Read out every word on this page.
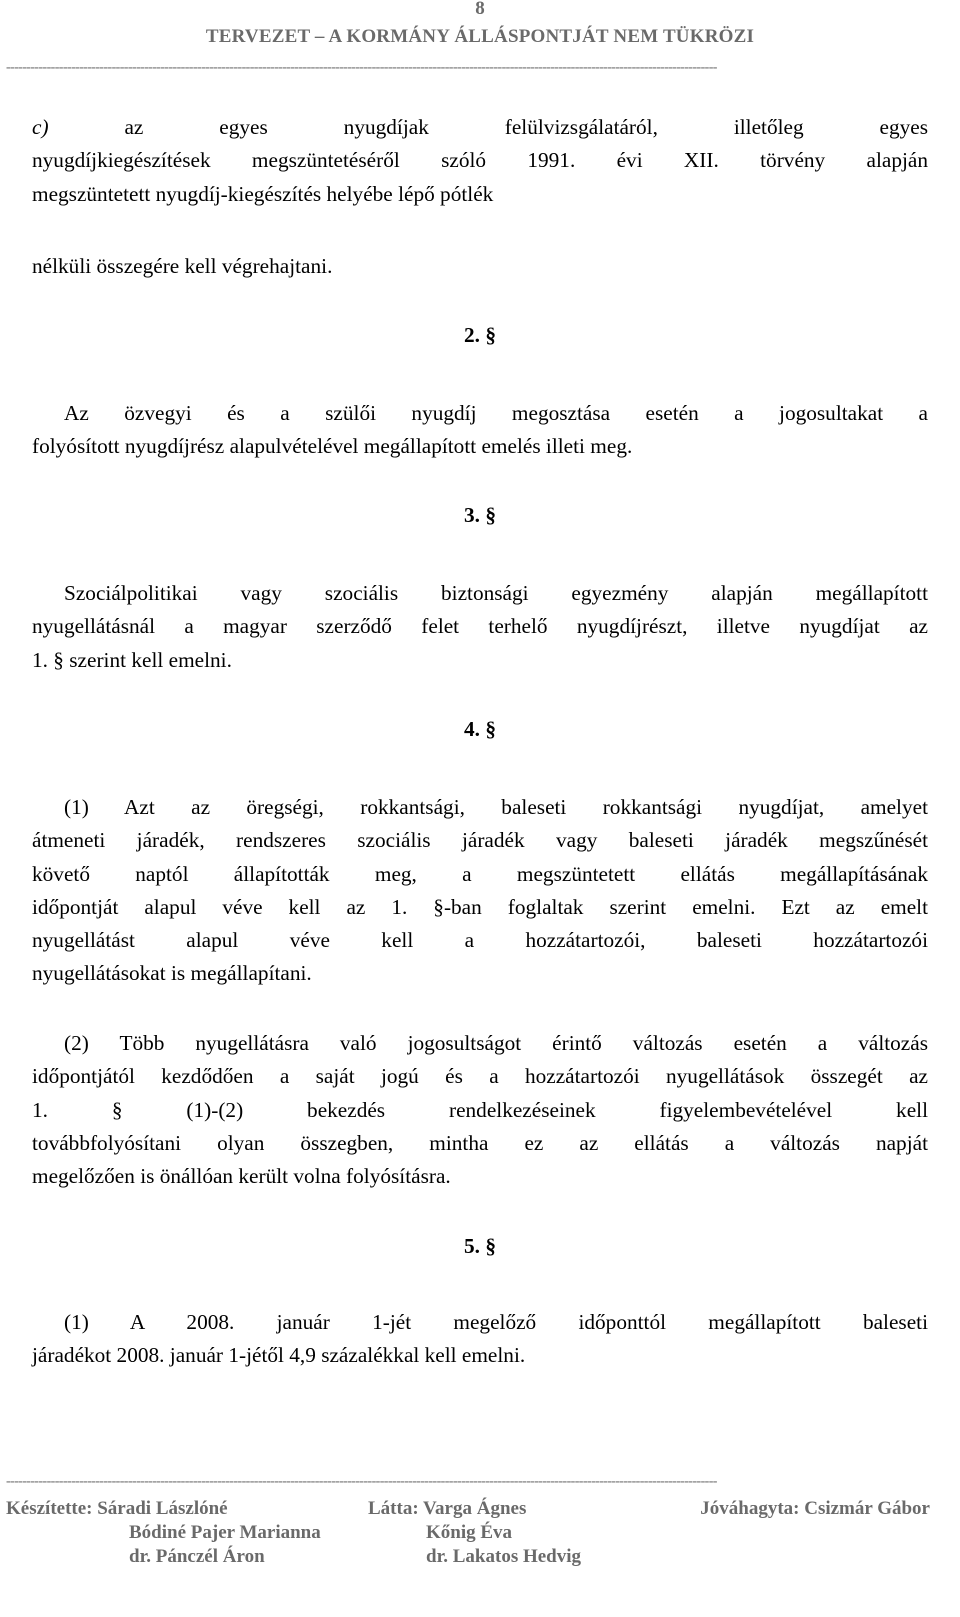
8
TERVEZET – A KORMÁNY ÁLLÁSPONTJÁT NEM TÜKRÖZI
-------------------------------------------------------------------------------------------------------------------------------------------------------------------------------
c)	az egyes nyugdíjak felülvizsgálatáról, illetőleg egyes
nyugdíjkiegészítések megszüntetéséről szóló 1991. évi XII. törvény alapján
megszüntetett nyugdíj-kiegészítés helyébe lépő pótlék
nélküli összegére kell végrehajtani.
2. §
Az özvegyi és a szülői nyugdíj megosztása esetén a jogosultakat a
folyósított nyugdíjrész alapulvételével megállapított emelés illeti meg.
3. §
Szociálpolitikai vagy szociális biztonsági egyezmény alapján megállapított
nyugellátásnál a magyar szerződő felet terhelő nyugdíjrészt, illetve nyugdíjat az
1. § szerint kell emelni.
4. §
(1) Azt az öregségi, rokkantsági, baleseti rokkantsági nyugdíjat, amelyet
átmeneti járadék, rendszeres szociális járadék vagy baleseti járadék megszűnését
követő naptól állapították meg, a megszüntetett ellátás megállapításának
időpontját alapul véve kell az 1. §-ban foglaltak szerint emelni. Ezt az emelt
nyugellátást alapul véve kell a hozzátartozói, baleseti hozzátartozói
nyugellátásokat is megállapítani.
(2) Több nyugellátásra való jogosultságot érintő változás esetén a változás
időpontjától kezdődően a saját jogú és a hozzátartozói nyugellátások összegét az
1. § (1)-(2) bekezdés rendelkezéseinek figyelembevételével kell
továbbfolyósítani olyan összegben, mintha ez az ellátás a változás napját
megelőzően is önállóan került volna folyósításra.
5. §
(1) A 2008. január 1-jét megelőző időponttól megállapított baleseti
járadékot 2008. január 1-jétől 4,9 százalékkal kell emelni.
-------------------------------------------------------------------------------------------------------------------------------------------------------------------------------
Készítette: Sáradi Lászlóné
Bódiné Pajer Marianna
dr. Pánczél Áron
Látta: Varga Ágnes
Kőnig Éva
dr. Lakatos Hedvig
Jóváhagyta: Csizmár Gábor
